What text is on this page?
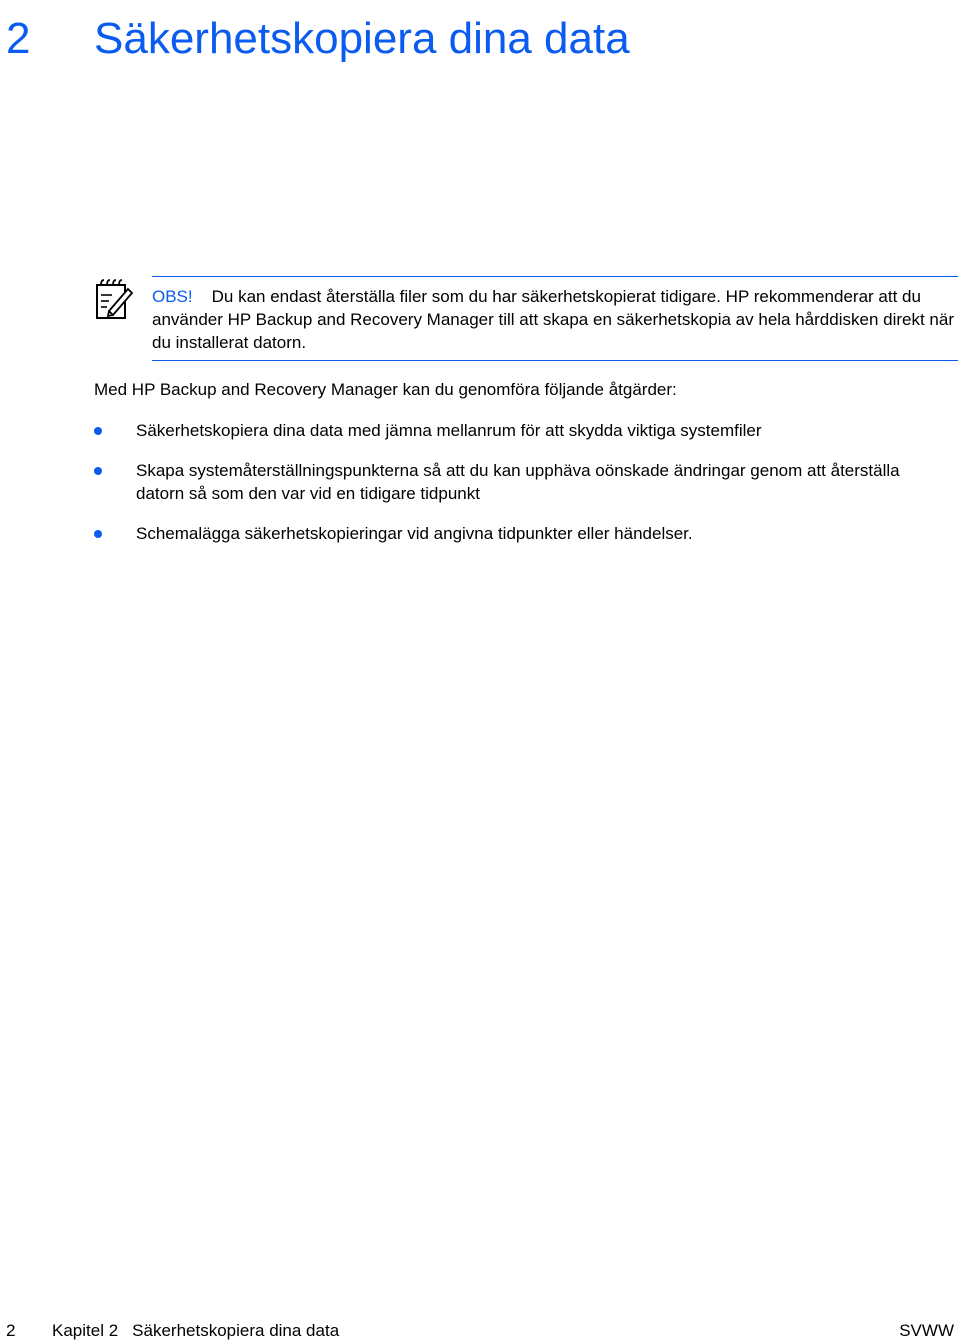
2 Säkerhetskopiera dina data

OBS! Du kan endast återställa filer som du har säkerhetskopierat tidigare. HP rekommenderar att du använder HP Backup and Recovery Manager till att skapa en säkerhetskopia av hela hårddisken direkt när du installerat datorn.

Med HP Backup and Recovery Manager kan du genomföra följande åtgärder:

Säkerhetskopiera dina data med jämna mellanrum för att skydda viktiga systemfiler
Skapa systemåterställningspunkterna så att du kan upphäva oönskade ändringar genom att återställa datorn så som den var vid en tidigare tidpunkt
Schemalägga säkerhetskopieringar vid angivna tidpunkter eller händelser.
2 Kapitel 2 Säkerhetskopiera dina data	SVWW
